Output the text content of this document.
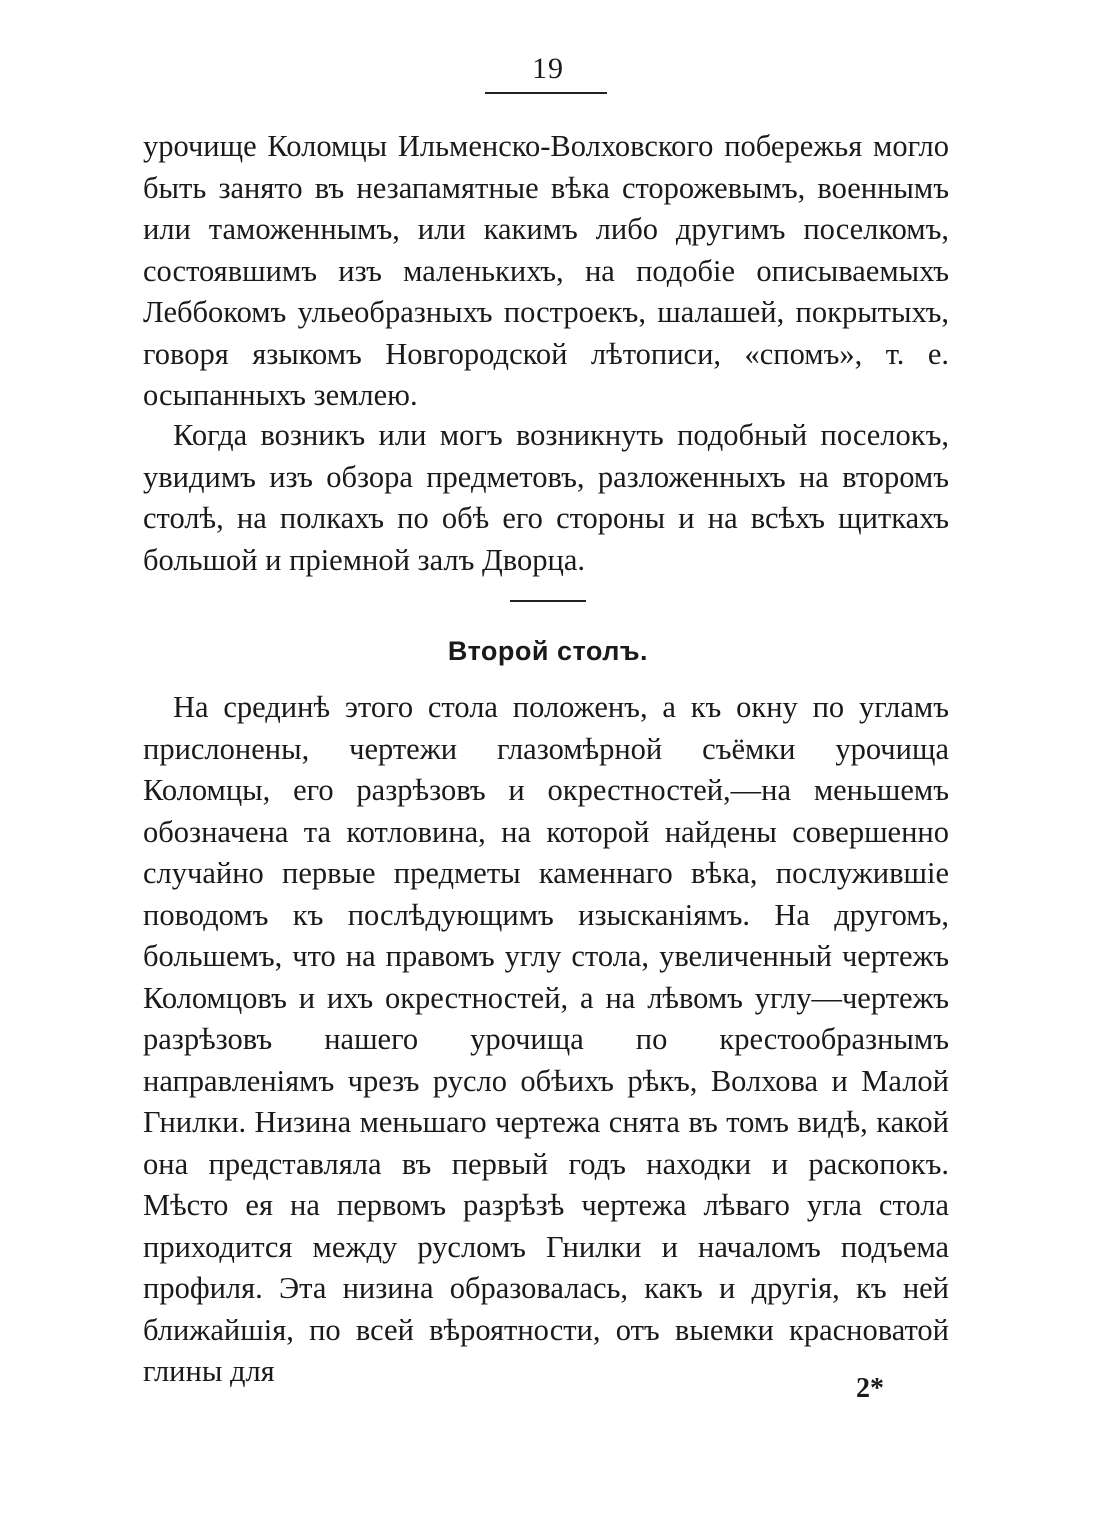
19

урочище Коломцы Ильменско-Волховского побережья могло быть занято въ незапамятные вѣка сторожевымъ, военнымъ или таможеннымъ, или какимъ либо другимъ поселкомъ, состоявшимъ изъ маленькихъ, на подобіе описываемыхъ Леббокомъ ульеобразныхъ построекъ, шалашей, покрытыхъ, говоря языкомъ Новгородской лѣтописи, «спомъ», т. е. осыпанныхъ землею.

Когда возникъ или могъ возникнуть подобный поселокъ, увидимъ изъ обзора предметовъ, разложенныхъ на второмъ столѣ, на полкахъ по обѣ его стороны и на всѣхъ щиткахъ большой и пріемной залъ Дворца.

Второй столъ.

На срединѣ этого стола положенъ, а къ окну по угламъ прислонены, чертежи глазомѣрной съёмки урочища Коломцы, его разрѣзовъ и окрестностей,—на меньшемъ обозначена та котловина, на которой найдены совершенно случайно первые предметы каменнаго вѣка, послужившіе поводомъ къ послѣдующимъ изысканіямъ. На другомъ, большемъ, что на правомъ углу стола, увеличенный чертежъ Коломцовъ и ихъ окрестностей, а на лѣвомъ углу—чертежъ разрѣзовъ нашего урочища по крестообразнымъ направленіямъ чрезъ русло обѣихъ рѣкъ, Волхова и Малой Гнилки. Низина меньшаго чертежа снята въ томъ видѣ, какой она представляла въ первый годъ находки и раскопокъ. Мѣсто ея на первомъ разрѣзѣ чертежа лѣваго угла стола приходится между русломъ Гнилки и началомъ подъема профиля. Эта низина образовалась, какъ и другія, къ ней ближайшія, по всей вѣроятности, отъ выемки красноватой глины для

2*
